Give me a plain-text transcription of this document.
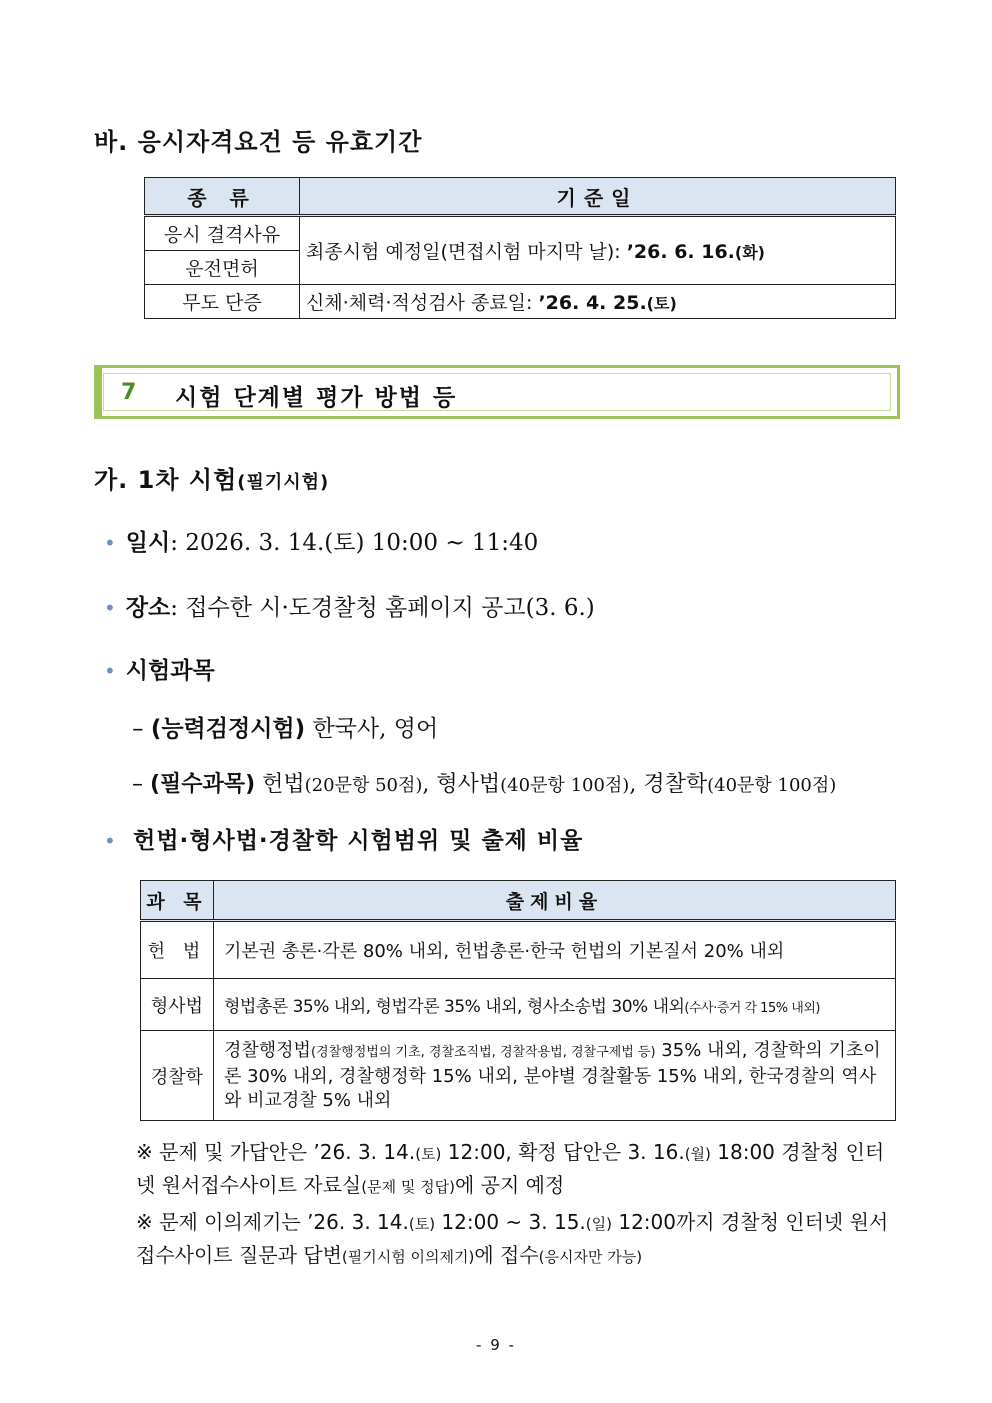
바. 응시자격요건 등 유효기간
종 류	기준일
응시 결격사유	최종시험 예정일(면접시험 마지막 날): ’26. 6. 16.(화)
운전면허	
무도 단증	신체·체력·적성검사 종료일: ’26. 4. 25.(토)
7 시험 단계별 평가 방법 등
가. 1차 시험(필기시험)
• 일시: 2026. 3. 14.(토) 10:00 ~ 11:40
• 장소: 접수한 시·도경찰청 홈페이지 공고(3. 6.)
• 시험과목
– (능력검정시험) 한국사, 영어
– (필수과목) 헌법(20문항 50점), 형사법(40문항 100점), 경찰학(40문항 100점)
• 헌법·형사법·경찰학 시험범위 및 출제 비율
과 목	출제비율
헌 법	기본권 총론·각론 80% 내외, 헌법총론·한국 헌법의 기본질서 20% 내외
형사법	형법총론 35% 내외, 형법각론 35% 내외, 형사소송법 30% 내외(수사·증거 각 15% 내외)
경찰학	경찰행정법(경찰행정법의 기초, 경찰조직법, 경찰작용법, 경찰구제법 등) 35% 내외, 경찰학의 기초이론 30% 내외, 경찰행정학 15% 내외, 분야별 경찰활동 15% 내외, 한국경찰의 역사와 비교경찰 5% 내외
※ 문제 및 가답안은 ’26. 3. 14.(토) 12:00, 확정 답안은 3. 16.(월) 18:00 경찰청 인터넷 원서접수사이트 자료실(문제 및 정답)에 공지 예정
※ 문제 이의제기는 ’26. 3. 14.(토) 12:00 ~ 3. 15.(일) 12:00까지 경찰청 인터넷 원서접수사이트 질문과 답변(필기시험 이의제기)에 접수(응시자만 가능)
- 9 -
